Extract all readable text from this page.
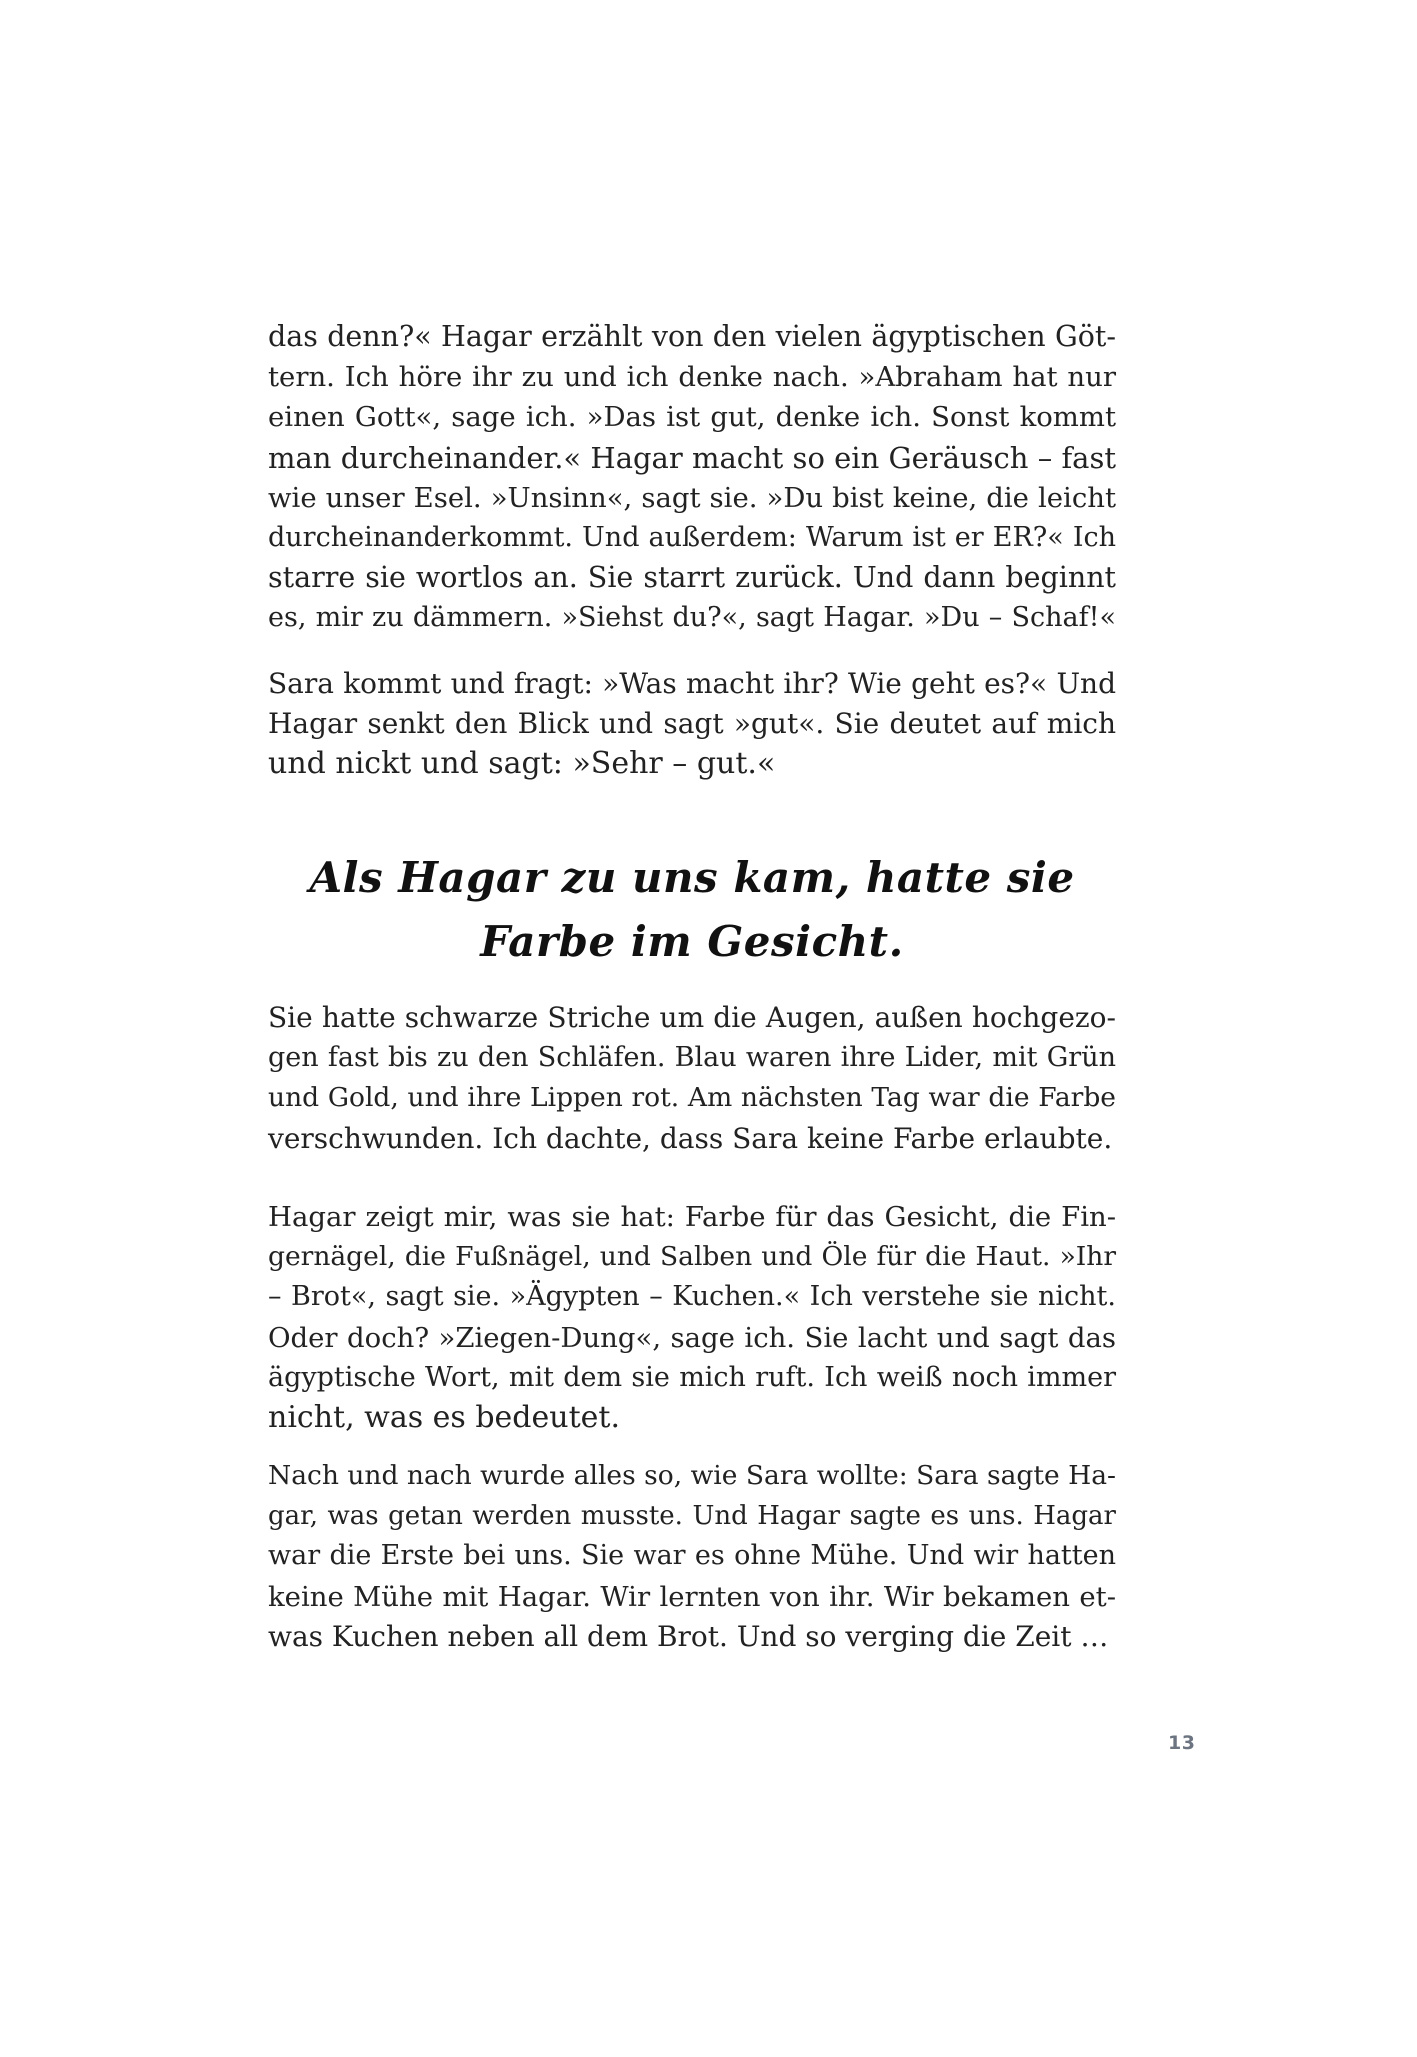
das denn?« Hagar erzählt von den vielen ägyptischen Göt-
tern. Ich höre ihr zu und ich denke nach. »Abraham hat nur
einen Gott«, sage ich. »Das ist gut, denke ich. Sonst kommt
man durcheinander.« Hagar macht so ein Geräusch – fast
wie unser Esel. »Unsinn«, sagt sie. »Du bist keine, die leicht
durcheinanderkommt. Und außerdem: Warum ist er ER?« Ich
starre sie wortlos an. Sie starrt zurück. Und dann beginnt
es, mir zu dämmern. »Siehst du?«, sagt Hagar. »Du – Schaf!«

Sara kommt und fragt: »Was macht ihr? Wie geht es?« Und
Hagar senkt den Blick und sagt »gut«. Sie deutet auf mich
und nickt und sagt: »Sehr – gut.«

Als Hagar zu uns kam, hatte sie
Farbe im Gesicht.

Sie hatte schwarze Striche um die Augen, außen hochgezo-
gen fast bis zu den Schläfen. Blau waren ihre Lider, mit Grün
und Gold, und ihre Lippen rot. Am nächsten Tag war die Farbe
verschwunden. Ich dachte, dass Sara keine Farbe erlaubte.

Hagar zeigt mir, was sie hat: Farbe für das Gesicht, die Fin-
gernägel, die Fußnägel, und Salben und Öle für die Haut. »Ihr
– Brot«, sagt sie. »Ägypten – Kuchen.« Ich verstehe sie nicht.
Oder doch? »Ziegen-Dung«, sage ich. Sie lacht und sagt das
ägyptische Wort, mit dem sie mich ruft. Ich weiß noch immer
nicht, was es bedeutet.

Nach und nach wurde alles so, wie Sara wollte: Sara sagte Ha-
gar, was getan werden musste. Und Hagar sagte es uns. Hagar
war die Erste bei uns. Sie war es ohne Mühe. Und wir hatten
keine Mühe mit Hagar. Wir lernten von ihr. Wir bekamen et-
was Kuchen neben all dem Brot. Und so verging die Zeit …

13
